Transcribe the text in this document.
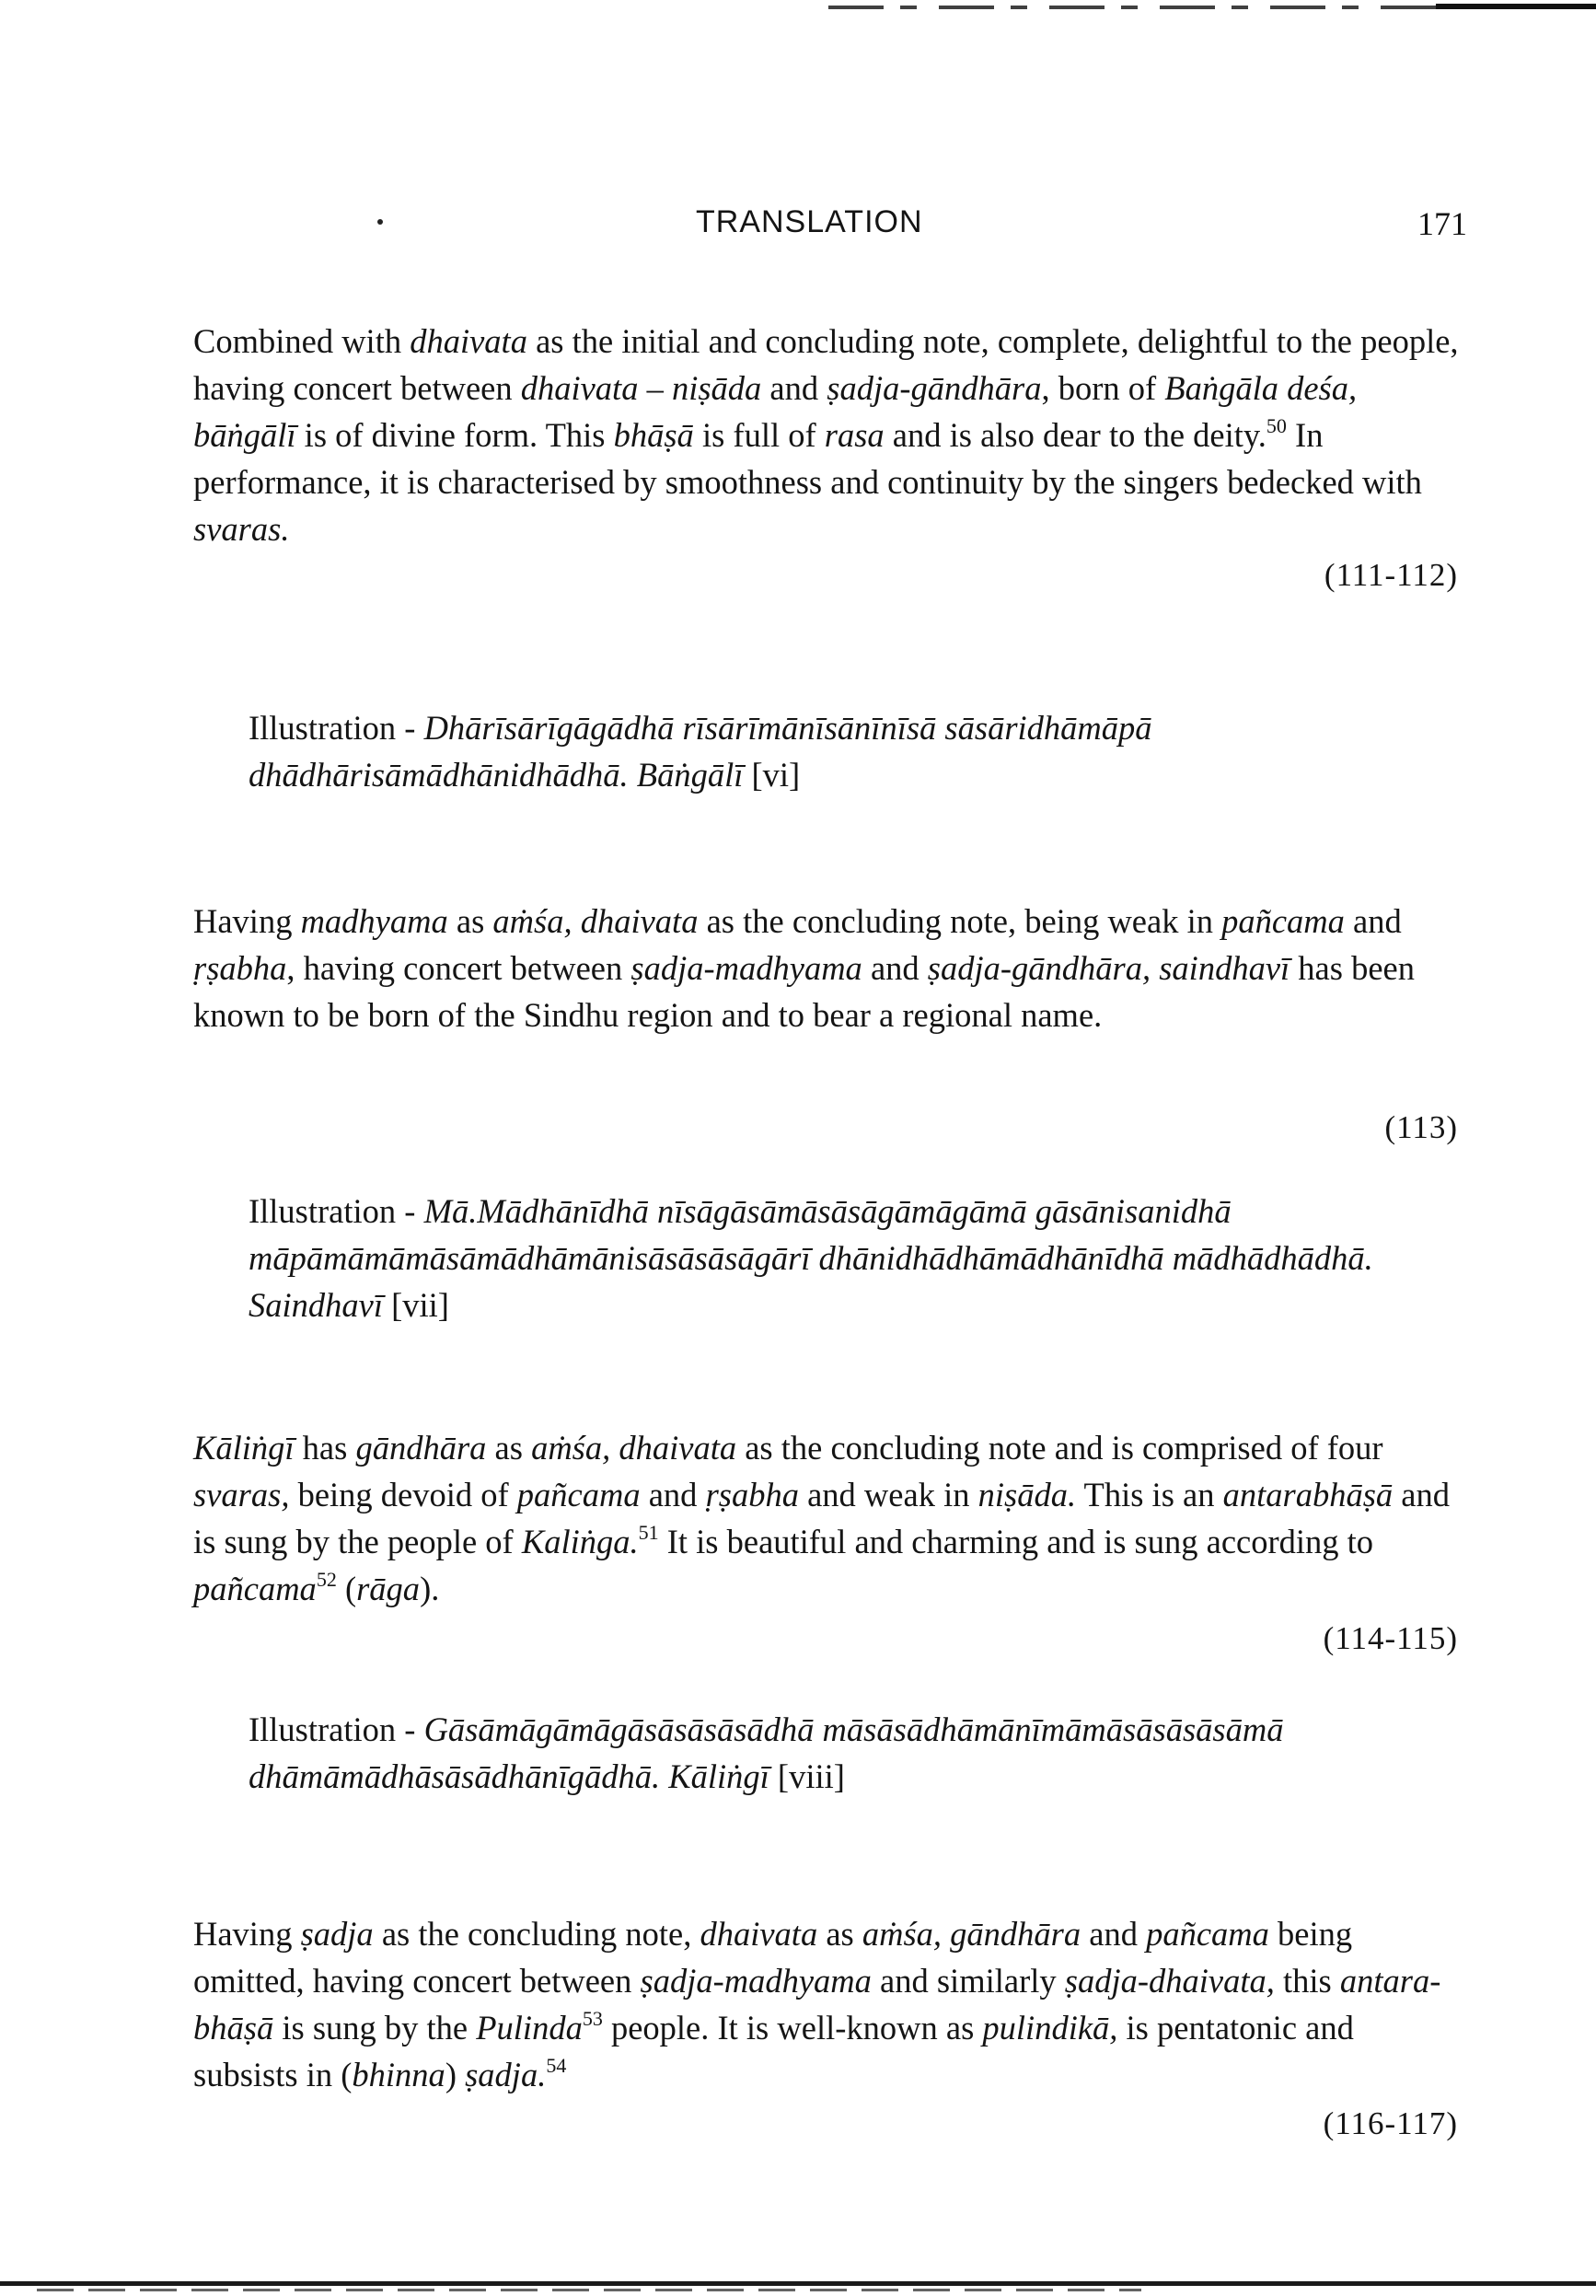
TRANSLATION	171
Combined with dhaivata as the initial and concluding note, complete, delightful to the people, having concert between dhaivata – niṣāda and ṣadja-gāndhāra, born of Baṅgāla deśa, bāṅgālī is of divine form. This bhāṣā is full of rasa and is also dear to the deity.$^{50}$ In performance, it is characterised by smoothness and continuity by the singers bedecked with svaras.
(111-112)
Illustration - Dhārīsārīgāgādhā rīsārīmānīsānīnīsā sāsāridhāmāpā dhādhārisāmādhānidhādhā. Bāṅgālī [vi]
Having madhyama as aṁśa, dhaivata as the concluding note, being weak in pañcama and ṛṣabha, having concert between ṣadja-madhyama and ṣadja-gāndhāra, saindhavī has been known to be born of the Sindhu region and to bear a regional name.
(113)
Illustration - Mā.Mādhānīdhā nīsāgāsāmāsāsāgāmāgāmā gāsānisanidhā māpāmāmāmāsāmādhāmānisāsāsāsāgārī dhānidhādhāmādhānīdhā mādhādhādhā. Saindhavī [vii]
Kāliṅgī has gāndhāra as aṁśa, dhaivata as the concluding note and is comprised of four svaras, being devoid of pañcama and ṛṣabha and weak in niṣāda. This is an antarabhāṣā and is sung by the people of Kaliṅga.$^{51}$ It is beautiful and charming and is sung according to pañcama$^{52}$ (rāga).
(114-115)
Illustration - Gāsāmāgāmāgāsāsāsāsādhā māsāsādhāmānīmāmāsāsāsāsāmā dhāmāmādhāsāsādhānīgādhā. Kāliṅgī [viii]
Having ṣadja as the concluding note, dhaivata as aṁśa, gāndhāra and pañcama being omitted, having concert between ṣadja-madhyama and similarly ṣadja-dhaivata, this antara-bhāṣā is sung by the Pulinda$^{53}$ people. It is well-known as pulindikā, is pentatonic and subsists in (bhinna) ṣadja.$^{54}$
(116-117)
